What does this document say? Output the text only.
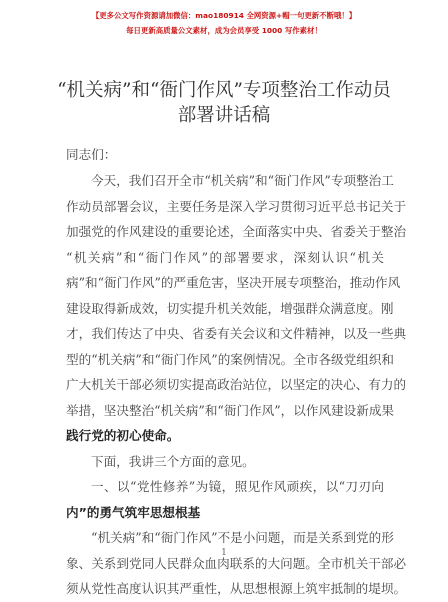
【更多公文写作资源请加微信：mao180914 全网资源+帽一句更新不断哦！】
每日更新高质量公文素材，成为会员享受 1000 写作素材！
“机关病”和“衙门作风”专项整治工作动员
部署讲话稿
同志们：
今天，我们召开全市“机关病”和“衙门作风”专项整治工
作动员部署会议，主要任务是深入学习贯彻习近平总书记关于
加强党的作风建设的重要论述，全面落实中央、省委关于整治
“机关病”和“衙门作风”的部署要求，深刻认识“机关
病”和“衙门作风”的严重危害，坚决开展专项整治，推动作风
建设取得新成效，切实提升机关效能，增强群众满意度。刚
才，我们传达了中央、省委有关会议和文件精神，以及一些典
型的“机关病”和“衙门作风”的案例情况。全市各级党组织和
广大机关干部必须切实提高政治站位，以坚定的决心、有力的
举措，坚决整治“机关病”和“衙门作风”，以作风建设新成果
践行党的初心使命。
下面，我讲三个方面的意见。
一、以“党性修养”为镜，照见作风顽疾，以“刀刃向
内”的勇气筑牢思想根基
“机关病”和“衙门作风”不是小问题，而是关系到党的形
象、关系到党同人民群众血肉联系的大问题。全市机关干部必
须从党性高度认识其严重性，从思想根源上筑牢抵制的堤坝。
1
